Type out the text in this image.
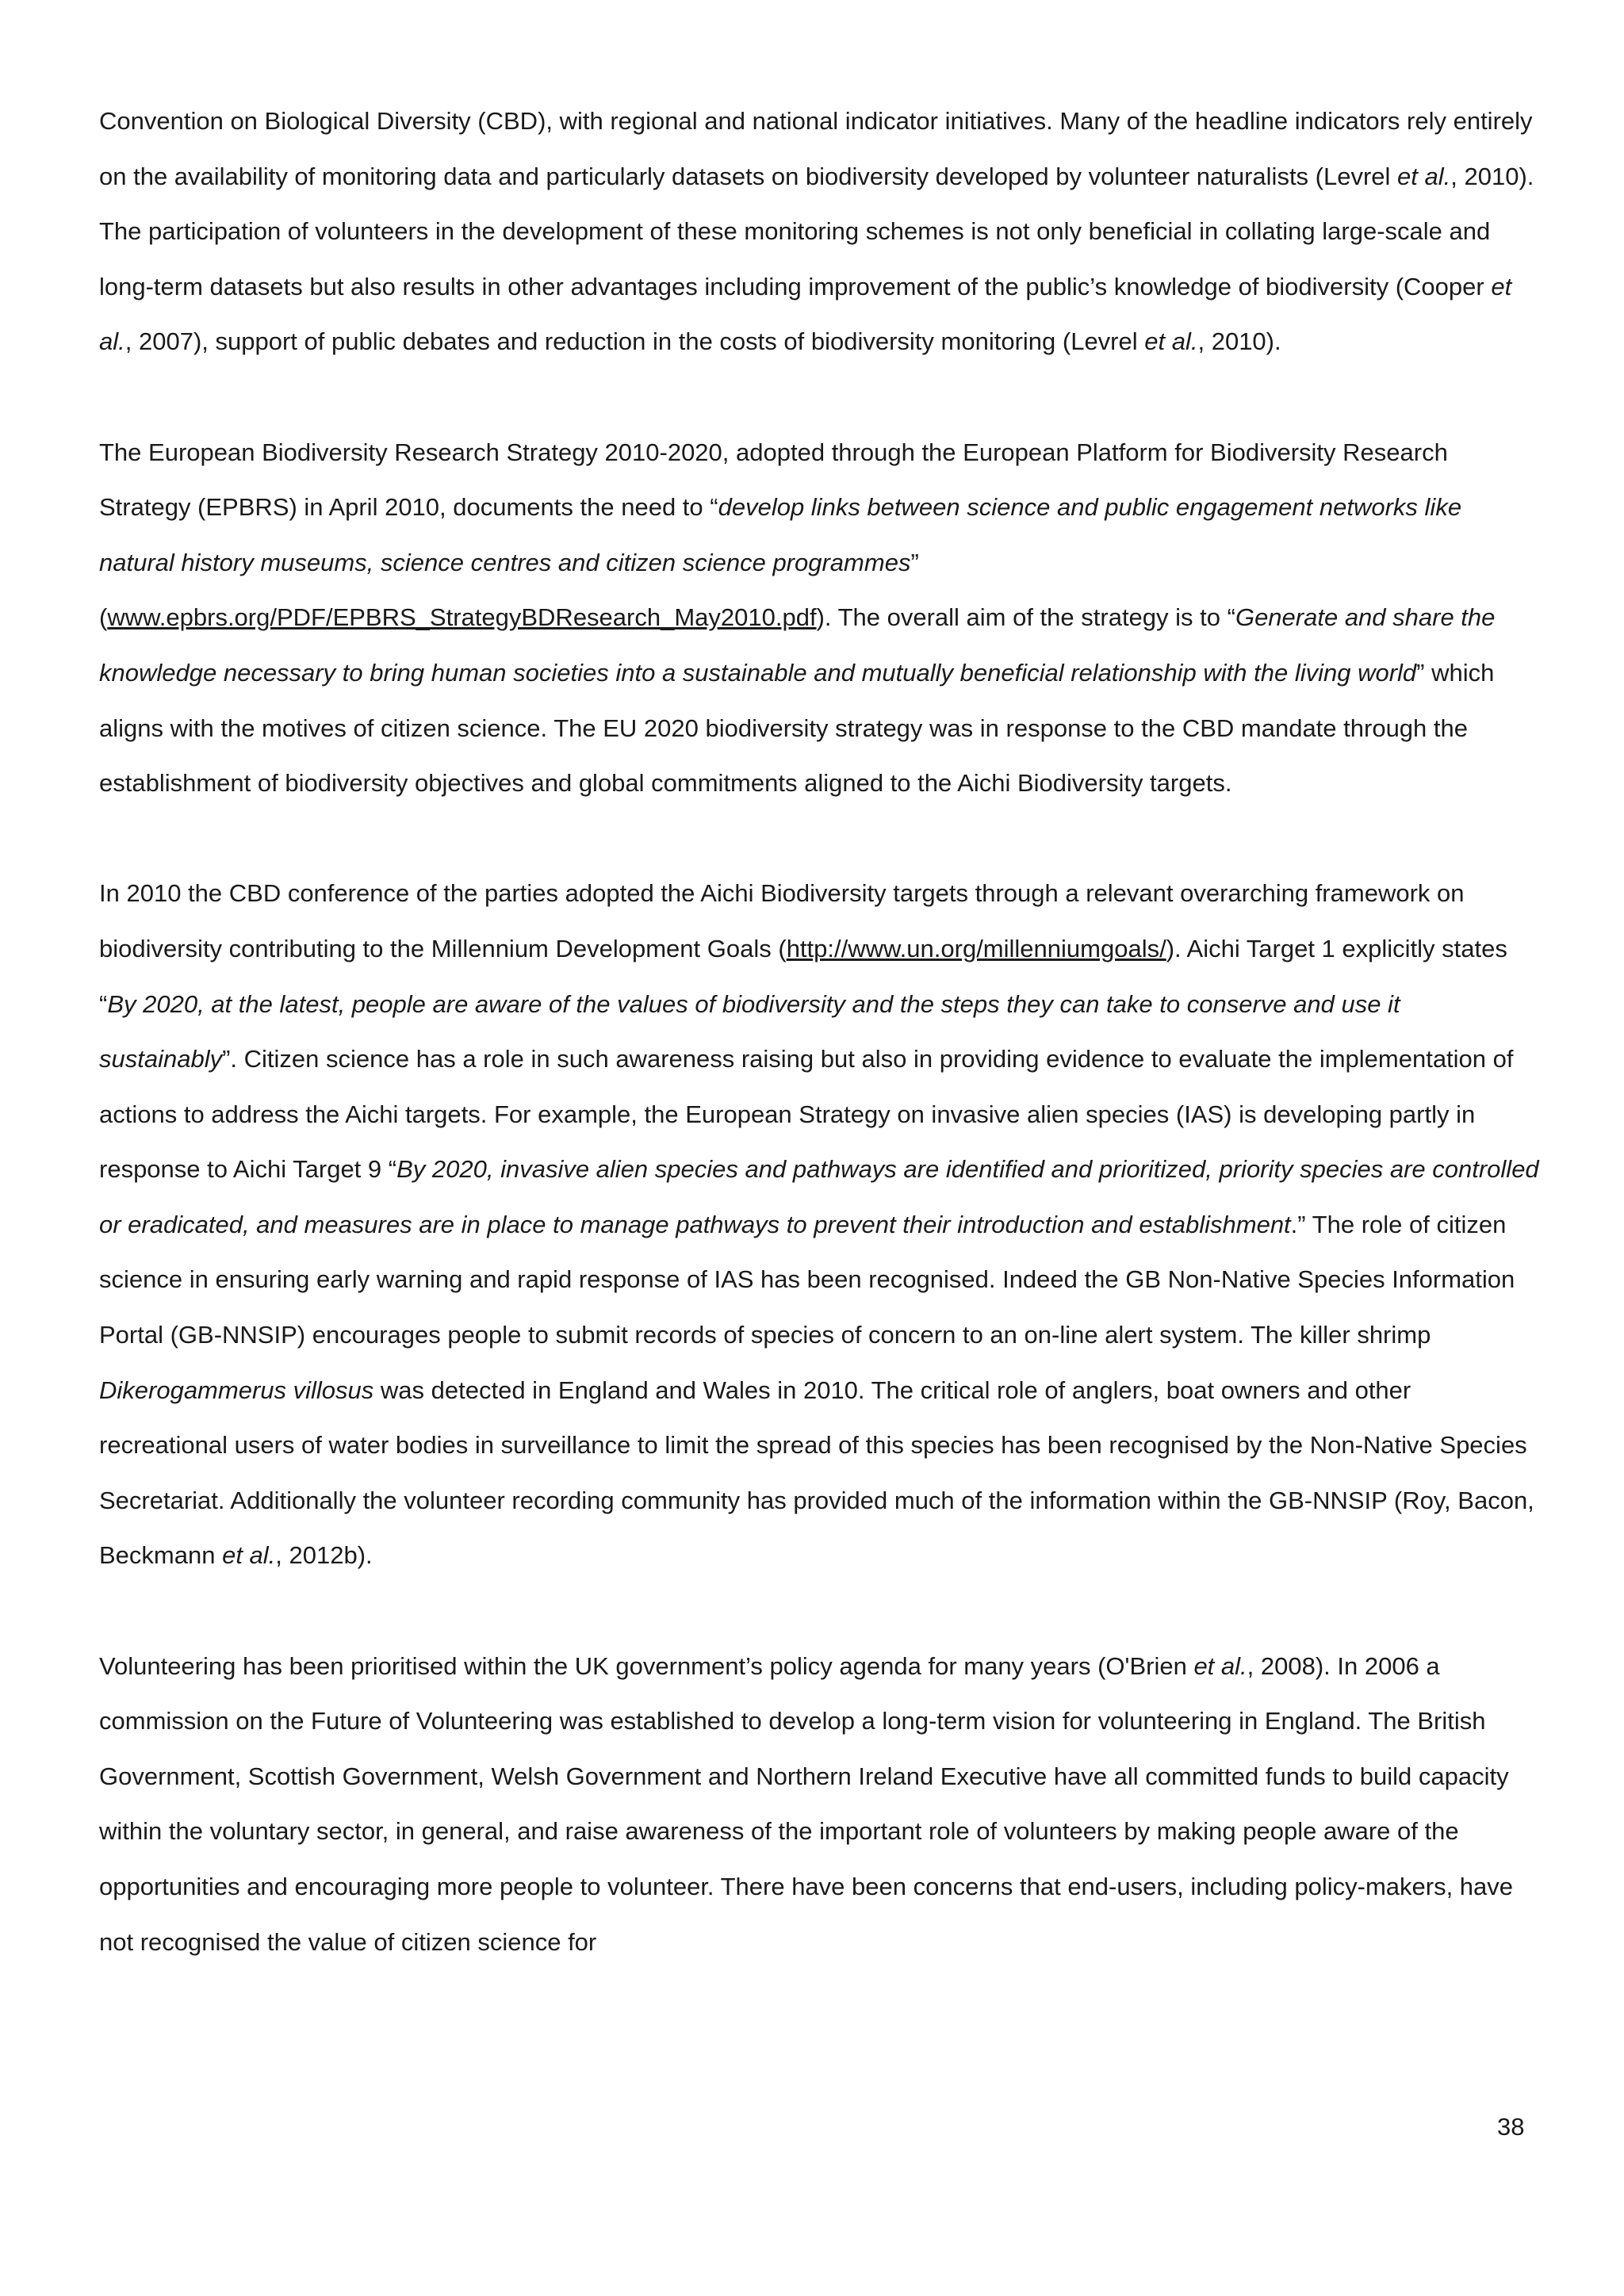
Convention on Biological Diversity (CBD), with regional and national indicator initiatives. Many of the headline indicators rely entirely on the availability of monitoring data and particularly datasets on biodiversity developed by volunteer naturalists (Levrel et al., 2010). The participation of volunteers in the development of these monitoring schemes is not only beneficial in collating large-scale and long-term datasets but also results in other advantages including improvement of the public’s knowledge of biodiversity (Cooper et al., 2007), support of public debates and reduction in the costs of biodiversity monitoring (Levrel et al., 2010).

The European Biodiversity Research Strategy 2010-2020, adopted through the European Platform for Biodiversity Research Strategy (EPBRS) in April 2010, documents the need to “develop links between science and public engagement networks like natural history museums, science centres and citizen science programmes” (www.epbrs.org/PDF/EPBRS_StrategyBDResearch_May2010.pdf). The overall aim of the strategy is to “Generate and share the knowledge necessary to bring human societies into a sustainable and mutually beneficial relationship with the living world” which aligns with the motives of citizen science. The EU 2020 biodiversity strategy was in response to the CBD mandate through the establishment of biodiversity objectives and global commitments aligned to the Aichi Biodiversity targets.

In 2010 the CBD conference of the parties adopted the Aichi Biodiversity targets through a relevant overarching framework on biodiversity contributing to the Millennium Development Goals (http://www.un.org/millenniumgoals/). Aichi Target 1 explicitly states “By 2020, at the latest, people are aware of the values of biodiversity and the steps they can take to conserve and use it sustainably”. Citizen science has a role in such awareness raising but also in providing evidence to evaluate the implementation of actions to address the Aichi targets. For example, the European Strategy on invasive alien species (IAS) is developing partly in response to Aichi Target 9 “By 2020, invasive alien species and pathways are identified and prioritized, priority species are controlled or eradicated, and measures are in place to manage pathways to prevent their introduction and establishment.” The role of citizen science in ensuring early warning and rapid response of IAS has been recognised. Indeed the GB Non-Native Species Information Portal (GB-NNSIP) encourages people to submit records of species of concern to an on-line alert system. The killer shrimp Dikerogammerus villosus was detected in England and Wales in 2010. The critical role of anglers, boat owners and other recreational users of water bodies in surveillance to limit the spread of this species has been recognised by the Non-Native Species Secretariat. Additionally the volunteer recording community has provided much of the information within the GB-NNSIP (Roy, Bacon, Beckmann et al., 2012b).

Volunteering has been prioritised within the UK government’s policy agenda for many years (O'Brien et al., 2008). In 2006 a commission on the Future of Volunteering was established to develop a long-term vision for volunteering in England. The British Government, Scottish Government, Welsh Government and Northern Ireland Executive have all committed funds to build capacity within the voluntary sector, in general, and raise awareness of the important role of volunteers by making people aware of the opportunities and encouraging more people to volunteer. There have been concerns that end-users, including policy-makers, have not recognised the value of citizen science for

38
